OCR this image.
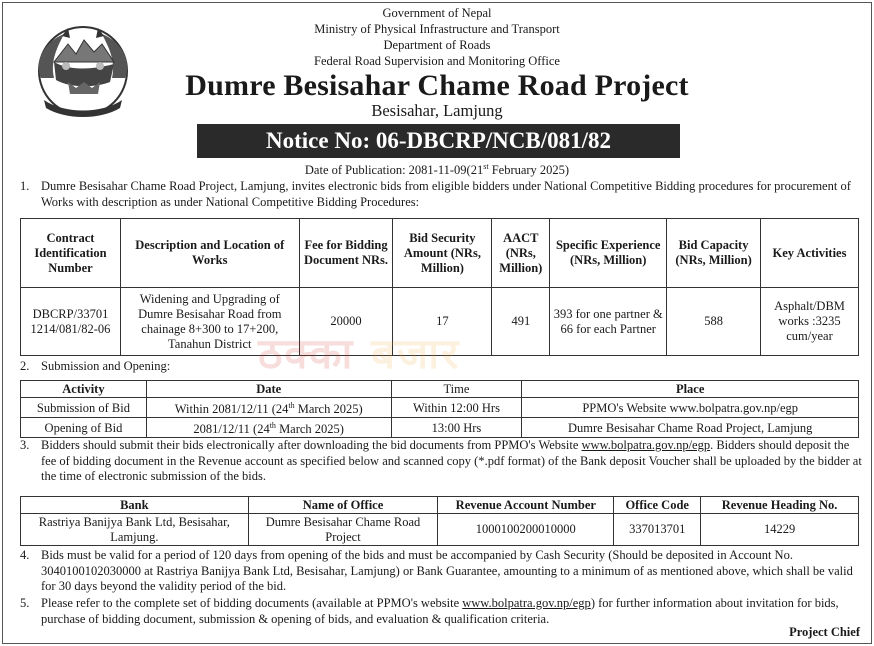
Government of Nepal
Ministry of Physical Infrastructure and Transport
Department of Roads
Federal Road Supervision and Monitoring Office
Dumre Besisahar Chame Road Project
Besisahar, Lamjung
Notice No: 06-DBCRP/NCB/081/82
Date of Publication: 2081-11-09(21st February 2025)
1. Dumre Besisahar Chame Road Project, Lamjung, invites electronic bids from eligible bidders under National Competitive Bidding procedures for procurement of Works with description as under National Competitive Bidding Procedures:
Contract Identification Number	Description and Location of Works	Fee for Bidding Document NRs.	Bid Security Amount (NRs, Million)	AACT (NRs, Million)	Specific Experience (NRs, Million)	Bid Capacity (NRs, Million)	Key Activities
DBCRP/33701 1214/081/82-06	Widening and Upgrading of Dumre Besisahar Road from chainage 8+300 to 17+200, Tanahun District	20000	17	491	393 for one partner & 66 for each Partner	588	Asphalt/DBM works :3235 cum/year
2. Submission and Opening:
Activity	Date	Time	Place
Submission of Bid	Within 2081/12/11 (24th March 2025)	Within 12:00 Hrs	PPMO's Website www.bolpatra.gov.np/egp
Opening of Bid	2081/12/11 (24th March 2025)	13:00 Hrs	Dumre Besisahar Chame Road Project, Lamjung
3. Bidders should submit their bids electronically after downloading the bid documents from PPMO's Website www.bolpatra.gov.np/egp. Bidders should deposit the fee of bidding document in the Revenue account as specified below and scanned copy (*.pdf format) of the Bank deposit Voucher shall be uploaded by the bidder at the time of electronic submission of the bids.
Bank	Name of Office	Revenue Account Number	Office Code	Revenue Heading No.
Rastriya Banijya Bank Ltd, Besisahar, Lamjung.	Dumre Besisahar Chame Road Project	1000100200010000	337013701	14229
4. Bids must be valid for a period of 120 days from opening of the bids and must be accompanied by Cash Security (Should be deposited in Account No. 3040100102030000 at Rastriya Banijya Bank Ltd, Besisahar, Lamjung) or Bank Guarantee, amounting to a minimum of as mentioned above, which shall be valid for 30 days beyond the validity period of the bid.
5. Please refer to the complete set of bidding documents (available at PPMO's website www.bolpatra.gov.np/egp) for further information about invitation for bids, purchase of bidding document, submission & opening of bids, and evaluation & qualification criteria.
Project Chief
ठक्का बजार
